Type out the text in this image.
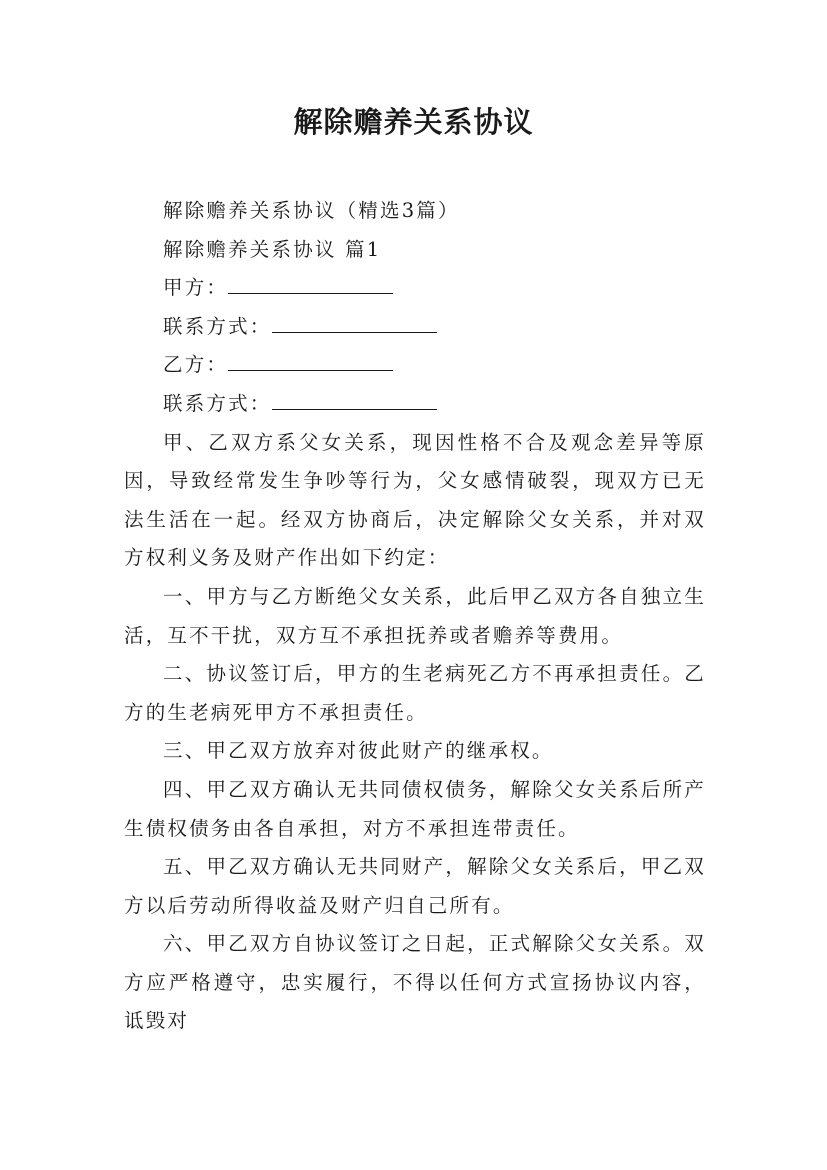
解除赡养关系协议

解除赡养关系协议（精选3篇）

解除赡养关系协议 篇1

甲方：

联系方式：

乙方：

联系方式：

甲、乙双方系父女关系，现因性格不合及观念差异等原因，导致经常发生争吵等行为，父女感情破裂，现双方已无法生活在一起。经双方协商后，决定解除父女关系，并对双方权利义务及财产作出如下约定：

一、甲方与乙方断绝父女关系，此后甲乙双方各自独立生活，互不干扰，双方互不承担抚养或者赡养等费用。

二、协议签订后，甲方的生老病死乙方不再承担责任。乙方的生老病死甲方不承担责任。

三、甲乙双方放弃对彼此财产的继承权。

四、甲乙双方确认无共同债权债务，解除父女关系后所产生债权债务由各自承担，对方不承担连带责任。

五、甲乙双方确认无共同财产，解除父女关系后，甲乙双方以后劳动所得收益及财产归自己所有。

六、甲乙双方自协议签订之日起，正式解除父女关系。双方应严格遵守，忠实履行，不得以任何方式宣扬协议内容，诋毁对
